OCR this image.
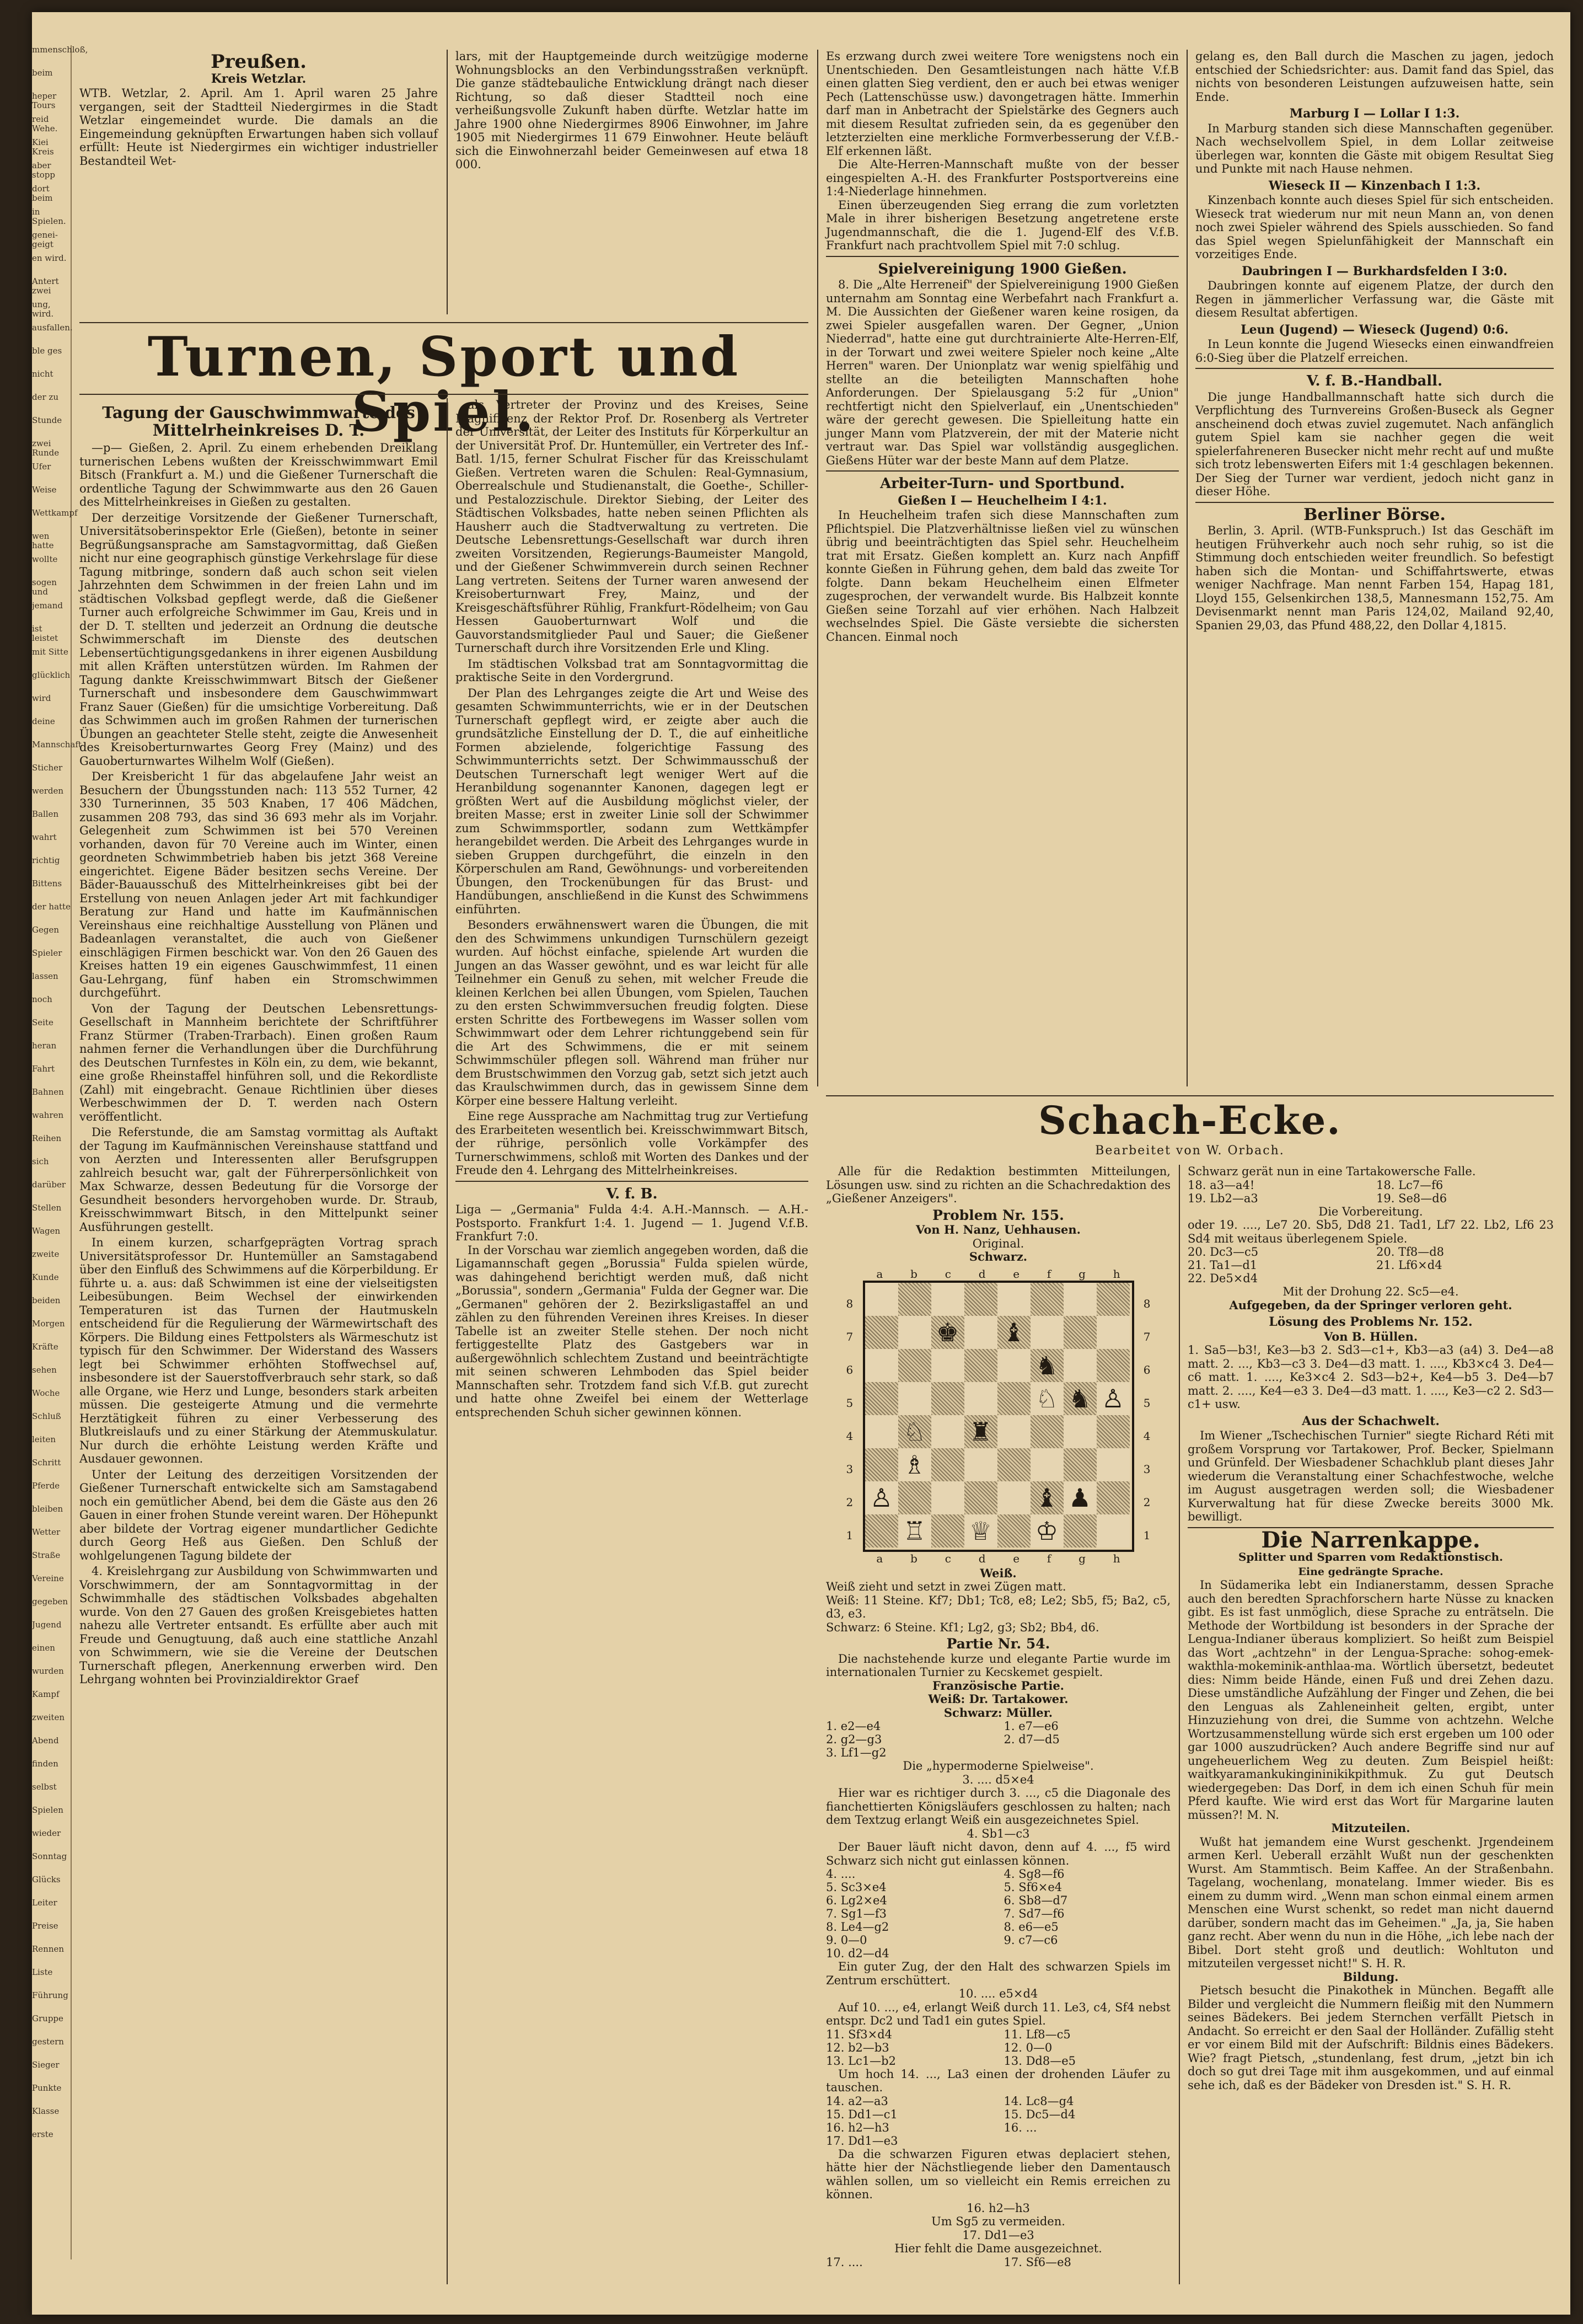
mmenschloß,
beim
heper Tours
reid Wehe.
Kiei Kreis
aber stopp
dort beim
in Spielen.
genei-geigt
en wird.
Antert zwei
ung, wird.
ausfallen.
ble ges
nicht
der zu
Stunde
zwei Runde
Ufer
Weise
Wettkampf
wen hatte
wollte
sogen und
jemand
ist leistet
mit Sitte
glücklich
wird
deine
Mannschaft
Sticher
werden
Ballen
wahrt
richtig
Bittens
der hatte
Gegen
Spieler
lassen
noch
Seite
heran
Fahrt
Bahnen
wahren
Reihen
sich
darüber
Stellen
Wagen
zweite
Kunde
beiden
Morgen
Kräfte
sehen
Woche
Schluß
leiten
Schritt
Pferde
bleiben
Wetter
Straße
Vereine
gegeben
Jugend
einen
wurden
Kampf
zweiten
Abend
finden
selbst
Spielen
wieder
Sonntag
Glücks
Leiter
Preise
Rennen
Liste
Führung
Gruppe
gestern
Sieger
Punkte
Klasse
erste
Preußen.
Kreis Wetzlar.

WTB. Wetzlar, 2. April. Am 1. April waren 25 Jahre vergangen, seit der Stadtteil Niedergirmes in die Stadt Wetzlar eingemeindet wurde. Die damals an die Eingemeindung geknüpften Erwartungen haben sich vollauf erfüllt: Heute ist Niedergirmes ein wichtiger industrieller Bestandteil Wet-

lars, mit der Hauptgemeinde durch weitzügige moderne Wohnungsblocks an den Verbindungsstraßen verknüpft. Die ganze städtebauliche Entwicklung drängt nach dieser Richtung, so daß dieser Stadtteil noch eine verheißungsvolle Zukunft haben dürfte. Wetzlar hatte im Jahre 1900 ohne Niedergirmes 8906 Einwohner, im Jahre 1905 mit Niedergirmes 11 679 Einwohner. Heute beläuft sich die Einwohnerzahl beider Gemeinwesen auf etwa 18 000.

Turnen, Sport und Spiel.
Tagung der Gauschwimmwarte des Mittelrheinkreises D. T.

—p— Gießen, 2. April. Zu einem erhebenden Dreiklang turnerischen Lebens wußten der Kreisschwimmwart Emil Bitsch (Frankfurt a. M.) und die Gießener Turnerschaft die ordentliche Tagung der Schwimmwarte aus den 26 Gauen des Mittelrheinkreises in Gießen zu gestalten.

Der derzeitige Vorsitzende der Gießener Turnerschaft, Universitätsoberinspektor Erle (Gießen), betonte in seiner Begrüßungsansprache am Samstagvormittag, daß Gießen nicht nur eine geographisch günstige Verkehrslage für diese Tagung mitbringe, sondern daß auch schon seit vielen Jahrzehnten dem Schwimmen in der freien Lahn und im städtischen Volksbad gepflegt werde, daß die Gießener Turner auch erfolgreiche Schwimmer im Gau, Kreis und in der D. T. stellten und jederzeit an Ordnung die deutsche Schwimmerschaft im Dienste des deutschen Lebensertüchtigungsgedankens in ihrer eigenen Ausbildung mit allen Kräften unterstützen würden. Im Rahmen der Tagung dankte Kreisschwimmwart Bitsch der Gießener Turnerschaft und insbesondere dem Gauschwimmwart Franz Sauer (Gießen) für die umsichtige Vorbereitung. Daß das Schwimmen auch im großen Rahmen der turnerischen Übungen an geachteter Stelle steht, zeigte die Anwesenheit des Kreisoberturnwartes Georg Frey (Mainz) und des Gauoberturnwartes Wilhelm Wolf (Gießen).

Der Kreisbericht 1 für das abgelaufene Jahr weist an Besuchern der Übungsstunden nach: 113 552 Turner, 42 330 Turnerinnen, 35 503 Knaben, 17 406 Mädchen, zusammen 208 793, das sind 36 693 mehr als im Vorjahr. Gelegenheit zum Schwimmen ist bei 570 Vereinen vorhanden, davon für 70 Vereine auch im Winter, einen geordneten Schwimmbetrieb haben bis jetzt 368 Vereine eingerichtet. Eigene Bäder besitzen sechs Vereine. Der Bäder-Bauausschuß des Mittelrheinkreises gibt bei der Erstellung von neuen Anlagen jeder Art mit fachkundiger Beratung zur Hand und hatte im Kaufmännischen Vereinshaus eine reichhaltige Ausstellung von Plänen und Badeanlagen veranstaltet, die auch von Gießener einschlägigen Firmen beschickt war. Von den 26 Gauen des Kreises hatten 19 ein eigenes Gauschwimmfest, 11 einen Gau-Lehrgang, fünf haben ein Stromschwimmen durchgeführt.

Von der Tagung der Deutschen Lebensrettungs-Gesellschaft in Mannheim berichtete der Schriftführer Franz Stürmer (Traben-Trarbach). Einen großen Raum nahmen ferner die Verhandlungen über die Durchführung des Deutschen Turnfestes in Köln ein, zu dem, wie bekannt, eine große Rheinstaffel hinführen soll, und die Rekordliste (Zahl) mit eingebracht. Genaue Richtlinien über dieses Werbeschwimmen der D. T. werden nach Ostern veröffentlicht.

Die Referstunde, die am Samstag vormittag als Auftakt der Tagung im Kaufmännischen Vereinshause stattfand und von Aerzten und Interessenten aller Berufsgruppen zahlreich besucht war, galt der Führerpersönlichkeit von Max Schwarze, dessen Bedeutung für die Vorsorge der Gesundheit besonders hervorgehoben wurde. Dr. Straub, Kreisschwimmwart Bitsch, in den Mittelpunkt seiner Ausführungen gestellt.

In einem kurzen, scharfgeprägten Vortrag sprach Universitätsprofessor Dr. Huntemüller an Samstagabend über den Einfluß des Schwimmens auf die Körperbildung. Er führte u. a. aus: daß Schwimmen ist eine der vielseitigsten Leibesübungen. Beim Wechsel der einwirkenden Temperaturen ist das Turnen der Hautmuskeln entscheidend für die Regulierung der Wärmewirtschaft des Körpers. Die Bildung eines Fettpolsters als Wärmeschutz ist typisch für den Schwimmer. Der Widerstand des Wassers legt bei Schwimmer erhöhten Stoffwechsel auf, insbesondere ist der Sauerstoffverbrauch sehr stark, so daß alle Organe, wie Herz und Lunge, besonders stark arbeiten müssen. Die gesteigerte Atmung und die vermehrte Herztätigkeit führen zu einer Verbesserung des Blutkreislaufs und zu einer Stärkung der Atemmuskulatur. Nur durch die erhöhte Leistung werden Kräfte und Ausdauer gewonnen.

Unter der Leitung des derzeitigen Vorsitzenden der Gießener Turnerschaft entwickelte sich am Samstagabend noch ein gemütlicher Abend, bei dem die Gäste aus den 26 Gauen in einer frohen Stunde vereint waren. Der Höhepunkt aber bildete der Vortrag eigener mundartlicher Gedichte durch Georg Heß aus Gießen. Den Schluß der wohlgelungenen Tagung bildete der

4. Kreislehrgang zur Ausbildung von Schwimmwarten und Vorschwimmern, der am Sonntagvormittag in der Schwimmhalle des städtischen Volksbades abgehalten wurde. Von den 27 Gauen des großen Kreisgebietes hatten nahezu alle Vertreter entsandt. Es erfüllte aber auch mit Freude und Genugtuung, daß auch eine stattliche Anzahl von Schwimmern, wie sie die Vereine der Deutschen Turnerschaft pflegen, Anerkennung erwerben wird. Den Lehrgang wohnten bei Provinzialdirektor Graef

als Vertreter der Provinz und des Kreises, Seine Magnifizenz der Rektor Prof. Dr. Rosenberg als Vertreter der Universität, der Leiter des Instituts für Körperkultur an der Universität Prof. Dr. Huntemüller, ein Vertreter des Inf.-Batl. 1/15, ferner Schulrat Fischer für das Kreisschulamt Gießen. Vertreten waren die Schulen: Real-Gymnasium, Oberrealschule und Studienanstalt, die Goethe-, Schiller- und Pestalozzischule. Direktor Siebing, der Leiter des Städtischen Volksbades, hatte neben seinen Pflichten als Hausherr auch die Stadtverwaltung zu vertreten. Die Deutsche Lebensrettungs-Gesellschaft war durch ihren zweiten Vorsitzenden, Regierungs-Baumeister Mangold, und der Gießener Schwimmverein durch seinen Rechner Lang vertreten. Seitens der Turner waren anwesend der Kreisoberturnwart Frey, Mainz, und der Kreisgeschäftsführer Rühlig, Frankfurt-Rödelheim; von Gau Hessen Gauoberturnwart Wolf und die Gauvorstandsmitglieder Paul und Sauer; die Gießener Turnerschaft durch ihre Vorsitzenden Erle und Kling.

Im städtischen Volksbad trat am Sonntagvormittag die praktische Seite in den Vordergrund.

Der Plan des Lehrganges zeigte die Art und Weise des gesamten Schwimmunterrichts, wie er in der Deutschen Turnerschaft gepflegt wird, er zeigte aber auch die grundsätzliche Einstellung der D. T., die auf einheitliche Formen abzielende, folgerichtige Fassung des Schwimmunterrichts setzt. Der Schwimmausschuß der Deutschen Turnerschaft legt weniger Wert auf die Heranbildung sogenannter Kanonen, dagegen legt er größten Wert auf die Ausbildung möglichst vieler, der breiten Masse; erst in zweiter Linie soll der Schwimmer zum Schwimmsportler, sodann zum Wettkämpfer herangebildet werden. Die Arbeit des Lehrganges wurde in sieben Gruppen durchgeführt, die einzeln in den Körperschulen am Rand, Gewöhnungs- und vorbereitenden Übungen, den Trockenübungen für das Brust- und Handübungen, anschließend in die Kunst des Schwimmens einführten.

Besonders erwähnenswert waren die Übungen, die mit den des Schwimmens unkundigen Turnschülern gezeigt wurden. Auf höchst einfache, spielende Art wurden die Jungen an das Wasser gewöhnt, und es war leicht für alle Teilnehmer ein Genuß zu sehen, mit welcher Freude die kleinen Kerlchen bei allen Übungen, vom Spielen, Tauchen zu den ersten Schwimmversuchen freudig folgten. Diese ersten Schritte des Fortbewegens im Wasser sollen vom Schwimmwart oder dem Lehrer richtunggebend sein für die Art des Schwimmens, die er mit seinem Schwimmschüler pflegen soll. Während man früher nur dem Brustschwimmen den Vorzug gab, setzt sich jetzt auch das Kraulschwimmen durch, das in gewissem Sinne dem Körper eine bessere Haltung verleiht.

Eine rege Aussprache am Nachmittag trug zur Vertiefung des Erarbeiteten wesentlich bei. Kreisschwimmwart Bitsch, der rührige, persönlich volle Vorkämpfer des Turnerschwimmens, schloß mit Worten des Dankes und der Freude den 4. Lehrgang des Mittelrheinkreises.

V. f. B.

Liga — „Germania" Fulda 4:4. A.H.-Mannsch. — A.H.-Postsporto. Frankfurt 1:4. 1. Jugend — 1. Jugend V.f.B. Frankfurt 7:0.

In der Vorschau war ziemlich angegeben worden, daß die Ligamannschaft gegen „Borussia" Fulda spielen würde, was dahingehend berichtigt werden muß, daß nicht „Borussia", sondern „Germania" Fulda der Gegner war. Die „Germanen" gehören der 2. Bezirksligastaffel an und zählen zu den führenden Vereinen ihres Kreises. In dieser Tabelle ist an zweiter Stelle stehen. Der noch nicht fertiggestellte Platz des Gastgebers war in außergewöhnlich schlechtem Zustand und beeinträchtigte mit seinen schweren Lehmboden das Spiel beider Mannschaften sehr. Trotzdem fand sich V.f.B. gut zurecht und hatte ohne Zweifel bei einem der Wetterlage entsprechenden Schuh sicher gewinnen können.

Es erzwang durch zwei weitere Tore wenigstens noch ein Unentschieden. Den Gesamtleistungen nach hätte V.f.B einen glatten Sieg verdient, den er auch bei etwas weniger Pech (Lattenschüsse usw.) davongetragen hätte. Immerhin darf man in Anbetracht der Spielstärke des Gegners auch mit diesem Resultat zufrieden sein, da es gegenüber den letzterzielten eine merkliche Formverbesserung der V.f.B.-Elf erkennen läßt.

Die Alte-Herren-Mannschaft mußte von der besser eingespielten A.-H. des Frankfurter Postsportvereins eine 1:4-Niederlage hinnehmen.

Einen überzeugenden Sieg errang die zum vorletzten Male in ihrer bisherigen Besetzung angetretene erste Jugendmannschaft, die die 1. Jugend-Elf des V.f.B. Frankfurt nach prachtvollem Spiel mit 7:0 schlug.

Spielvereinigung 1900 Gießen.

8. Die „Alte Herreneif" der Spielvereinigung 1900 Gießen unternahm am Sonntag eine Werbefahrt nach Frankfurt a. M. Die Aussichten der Gießener waren keine rosigen, da zwei Spieler ausgefallen waren. Der Gegner, „Union Niederrad", hatte eine gut durchtrainierte Alte-Herren-Elf, in der Torwart und zwei weitere Spieler noch keine „Alte Herren" waren. Der Unionplatz war wenig spielfähig und stellte an die beteiligten Mannschaften hohe Anforderungen. Der Spielausgang 5:2 für „Union" rechtfertigt nicht den Spielverlauf, ein „Unentschieden" wäre der gerecht gewesen. Die Spielleitung hatte ein junger Mann vom Platzverein, der mit der Materie nicht vertraut war. Das Spiel war vollständig ausgeglichen. Gießens Hüter war der beste Mann auf dem Platze.

Arbeiter-Turn- und Sportbund.
Gießen I — Heuchelheim I 4:1.

In Heuchelheim trafen sich diese Mannschaften zum Pflichtspiel. Die Platzverhältnisse ließen viel zu wünschen übrig und beeinträchtigten das Spiel sehr. Heuchelheim trat mit Ersatz. Gießen komplett an. Kurz nach Anpfiff konnte Gießen in Führung gehen, dem bald das zweite Tor folgte. Dann bekam Heuchelheim einen Elfmeter zugesprochen, der verwandelt wurde. Bis Halbzeit konnte Gießen seine Torzahl auf vier erhöhen. Nach Halbzeit wechselndes Spiel. Die Gäste versiebte die sichersten Chancen. Einmal noch

gelang es, den Ball durch die Maschen zu jagen, jedoch entschied der Schiedsrichter: aus. Damit fand das Spiel, das nichts von besonderen Leistungen aufzuweisen hatte, sein Ende.

Marburg I — Lollar I 1:3.

In Marburg standen sich diese Mannschaften gegenüber. Nach wechselvollem Spiel, in dem Lollar zeitweise überlegen war, konnten die Gäste mit obigem Resultat Sieg und Punkte mit nach Hause nehmen.

Wieseck II — Kinzenbach I 1:3.

Kinzenbach konnte auch dieses Spiel für sich entscheiden. Wieseck trat wiederum nur mit neun Mann an, von denen noch zwei Spieler während des Spiels ausschieden. So fand das Spiel wegen Spielunfähigkeit der Mannschaft ein vorzeitiges Ende.

Daubringen I — Burkhardsfelden I 3:0.

Daubringen konnte auf eigenem Platze, der durch den Regen in jämmerlicher Verfassung war, die Gäste mit diesem Resultat abfertigen.

Leun (Jugend) — Wieseck (Jugend) 0:6.

In Leun konnte die Jugend Wiesecks einen einwandfreien 6:0-Sieg über die Platzelf erreichen.

V. f. B.-Handball.

Die junge Handballmannschaft hatte sich durch die Verpflichtung des Turnvereins Großen-Buseck als Gegner anscheinend doch etwas zuviel zugemutet. Nach anfänglich gutem Spiel kam sie nachher gegen die weit spielerfahreneren Busecker nicht mehr recht auf und mußte sich trotz lebenswerten Eifers mit 1:4 geschlagen bekennen. Der Sieg der Turner war verdient, jedoch nicht ganz in dieser Höhe.

Berliner Börse.

Berlin, 3. April. (WTB-Funkspruch.) Ist das Geschäft im heutigen Frühverkehr auch noch sehr ruhig, so ist die Stimmung doch entschieden weiter freundlich. So befestigt haben sich die Montan- und Schiffahrtswerte, etwas weniger Nachfrage. Man nennt Farben 154, Hapag 181, Lloyd 155, Gelsenkirchen 138,5, Mannesmann 152,75. Am Devisenmarkt nennt man Paris 124,02, Mailand 92,40, Spanien 29,03, das Pfund 488,22, den Dollar 4,1815.

Schach-Ecke.
Bearbeitet von W. Orbach.

Alle für die Redaktion bestimmten Mitteilungen, Lösungen usw. sind zu richten an die Schachredaktion des „Gießener Anzeigers".

Problem Nr. 155.
Von H. Nanz, Uehhausen.
Original.
Schwarz.
a b c d e f g h
8
7
6
5
4
3
2
1
♚ ♝
♞
♘ ♞ ♙
♘ ♜
♗
♙	♝ ♟
♖ ♕ ♔
8
7
6
5
4
3
2
1
a b c d e f g h
Weiß.

Weiß zieht und setzt in zwei Zügen matt.

Weiß: 11 Steine. Kf7; Db1; Tc8, e8; Le2; Sb5, f5; Ba2, c5, d3, e3.

Schwarz: 6 Steine. Kf1; Lg2, g3; Sb2; Bb4, d6.

Partie Nr. 54.

Die nachstehende kurze und elegante Partie wurde im internationalen Turnier zu Kecskemet gespielt.

Französische Partie.
Weiß: Dr. Tartakower.
Schwarz: Müller.
1. e2—e4
2. g2—g3
3. Lf1—g2
1. e7—e6
2. d7—d5
Die „hypermoderne Spielweise".
3. .... d5×e4

Hier war es richtiger durch 3. ..., c5 die Diagonale des fianchettierten Königsläufers geschlossen zu halten; nach dem Textzug erlangt Weiß ein ausgezeichnetes Spiel.

4. Sb1—c3

Der Bauer läuft nicht davon, denn auf 4. ..., f5 wird Schwarz sich nicht gut einlassen können.

4. ....
5. Sc3×e4
6. Lg2×e4
7. Sg1—f3
8. Le4—g2
9. 0—0
10. d2—d4
4. Sg8—f6
5. Sf6×e4
6. Sb8—d7
7. Sd7—f6
8. e6—e5
9. c7—c6

Ein guter Zug, der den Halt des schwarzen Spiels im Zentrum erschüttert.

10. .... e5×d4

Auf 10. ..., e4, erlangt Weiß durch 11. Le3, c4, Sf4 nebst entspr. Dc2 und Tad1 ein gutes Spiel.

11. Sf3×d4
12. b2—b3
13. Lc1—b2
11. Lf8—c5
12. 0—0
13. Dd8—e5

Um hoch 14. ..., La3 einen der drohenden Läufer zu tauschen.

14. a2—a3
15. Dd1—c1
16. h2—h3
17. Dd1—e3
14. Lc8—g4
15. Dc5—d4
16. ...

Da die schwarzen Figuren etwas deplaciert stehen, hätte hier der Nächstliegende lieber den Damentausch wählen sollen, um so vielleicht ein Remis erreichen zu können.

16. h2—h3
Um Sg5 zu vermeiden.
17. Dd1—e3
Hier fehlt die Dame ausgezeichnet.
17. ....	17. Sf6—e8

Schwarz gerät nun in eine Tartakowersche Falle.

18. a3—a4!
19. Lb2—a3
18. Lc7—f6
19. Se8—d6
Die Vorbereitung.

oder 19. ...., Le7 20. Sb5, Dd8 21. Tad1, Lf7 22. Lb2, Lf6 23 Sd4 mit weitaus überlegenem Spiele.

20. Dc3—c5
21. Ta1—d1
22. De5×d4
20. Tf8—d8
21. Lf6×d4
Mit der Drohung 22. Sc5—e4.
Aufgegeben, da der Springer verloren geht.
Lösung des Problems Nr. 152.
Von B. Hüllen.

1. Sa5—b3!, Ke3—b3 2. Sd3—c1+, Kb3—a3 (a4) 3. De4—a8 matt. 2. ..., Kb3—c3 3. De4—d3 matt. 1. ...., Kb3×c4 3. De4—c6 matt. 1. ...., Ke3×c4 2. Sd3—b2+, Ke4—b5 3. De4—b7 matt. 2. ...., Ke4—e3 3. De4—d3 matt. 1. ...., Ke3—c2 2. Sd3—c1+ usw.

Aus der Schachwelt.

Im Wiener „Tschechischen Turnier" siegte Richard Réti mit großem Vorsprung vor Tartakower, Prof. Becker, Spielmann und Grünfeld. Der Wiesbadener Schachklub plant dieses Jahr wiederum die Veranstaltung einer Schachfestwoche, welche im August ausgetragen werden soll; die Wiesbadener Kurverwaltung hat für diese Zwecke bereits 3000 Mk. bewilligt.

Die Narrenkappe.
Splitter und Sparren vom Redaktionstisch.
Eine gedrängte Sprache.

In Südamerika lebt ein Indianerstamm, dessen Sprache auch den beredten Sprachforschern harte Nüsse zu knacken gibt. Es ist fast unmöglich, diese Sprache zu enträtseln. Die Methode der Wortbildung ist besonders in der Sprache der Lengua-Indianer überaus kompliziert. So heißt zum Beispiel das Wort „achtzehn" in der Lengua-Sprache: sohog-emek-wakthla-mokeminik-anthlaa-ma. Wörtlich übersetzt, bedeutet dies: Nimm beide Hände, einen Fuß und drei Zehen dazu. Diese umständliche Aufzählung der Finger und Zehen, die bei den Lenguas als Zahleneinheit gelten, ergibt, unter Hinzuziehung von drei, die Summe von achtzehn. Welche Wortzusammenstellung würde sich erst ergeben um 100 oder gar 1000 auszudrücken? Auch andere Begriffe sind nur auf ungeheuerlichem Weg zu deuten. Zum Beispiel heißt: waitkyaramankukingininikikpithmuk. Zu gut Deutsch wiedergegeben: Das Dorf, in dem ich einen Schuh für mein Pferd kaufte. Wie wird erst das Wort für Margarine lauten müssen?! M. N.

Mitzuteilen.

Wußt hat jemandem eine Wurst geschenkt. Jrgendeinem armen Kerl. Ueberall erzählt Wußt nun der geschenkten Wurst. Am Stammtisch. Beim Kaffee. An der Straßenbahn. Tagelang, wochenlang, monatelang. Immer wieder. Bis es einem zu dumm wird. „Wenn man schon einmal einem armen Menschen eine Wurst schenkt, so redet man nicht dauernd darüber, sondern macht das im Geheimen." „Ja, ja, Sie haben ganz recht. Aber wenn du nun in die Höhe, „ich lebe nach der Bibel. Dort steht groß und deutlich: Wohltuton und mitzuteilen vergesset nicht!" S. H. R.

Bildung.

Pietsch besucht die Pinakothek in München. Begafft alle Bilder und vergleicht die Nummern fleißig mit den Nummern seines Bädekers. Bei jedem Sternchen verfällt Pietsch in Andacht. So erreicht er den Saal der Holländer. Zufällig steht er vor einem Bild mit der Aufschrift: Bildnis eines Bädekers. Wie? fragt Pietsch, „stundenlang, fest drum, „jetzt bin ich doch so gut drei Tage mit ihm ausgekommen, und auf einmal sehe ich, daß es der Bädeker von Dresden ist." S. H. R.
